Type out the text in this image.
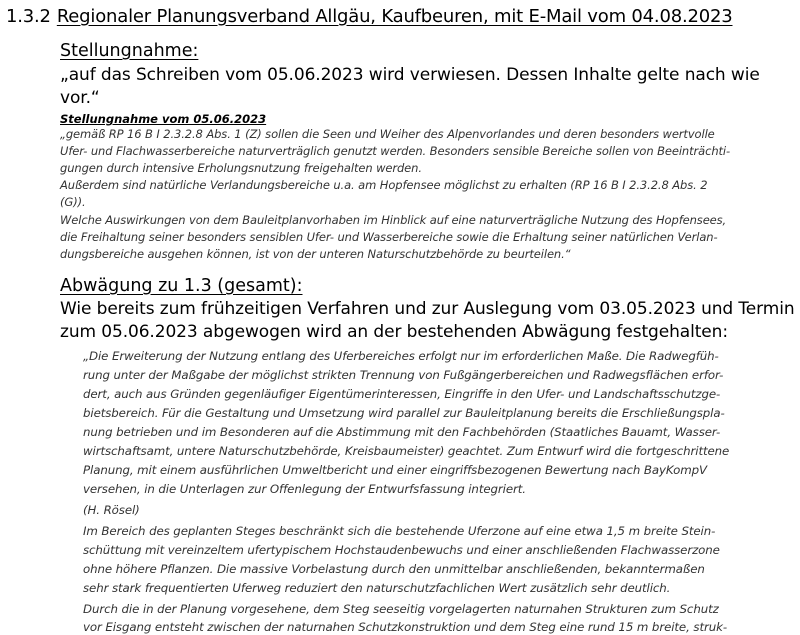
1.3.2 Regionaler Planungsverband Allgäu, Kaufbeuren, mit E-Mail vom 04.08.2023
Stellungnahme:
„auf das Schreiben vom 05.06.2023 wird verwiesen. Dessen Inhalte gelte nach wie
vor.“
Stellungnahme vom 05.06.2023
„gemäß RP 16 B I 2.3.2.8 Abs. 1 (Z) sollen die Seen und Weiher des Alpenvorlandes und deren besonders wertvolle
Ufer- und Flachwasserbereiche naturverträglich genutzt werden. Besonders sensible Bereiche sollen von Beeinträchti-
gungen durch intensive Erholungsnutzung freigehalten werden.
Außerdem sind natürliche Verlandungsbereiche u.a. am Hopfensee möglichst zu erhalten (RP 16 B I 2.3.2.8 Abs. 2
(G)).
Welche Auswirkungen von dem Bauleitplanvorhaben im Hinblick auf eine naturverträgliche Nutzung des Hopfensees,
die Freihaltung seiner besonders sensiblen Ufer- und Wasserbereiche sowie die Erhaltung seiner natürlichen Verlan-
dungsbereiche ausgehen können, ist von der unteren Naturschutzbehörde zu beurteilen.“
Abwägung zu 1.3 (gesamt):
Wie bereits zum frühzeitigen Verfahren und zur Auslegung vom 03.05.2023 und Termin
zum 05.06.2023 abgewogen wird an der bestehenden Abwägung festgehalten:
„Die Erweiterung der Nutzung entlang des Uferbereiches erfolgt nur im erforderlichen Maße. Die Radwegfüh-
rung unter der Maßgabe der möglichst strikten Trennung von Fußgängerbereichen und Radwegsflächen erfor-
dert, auch aus Gründen gegenläufiger Eigentümerinteressen, Eingriffe in den Ufer- und Landschaftsschutzge-
bietsbereich. Für die Gestaltung und Umsetzung wird parallel zur Bauleitplanung bereits die Erschließungspla-
nung betrieben und im Besonderen auf die Abstimmung mit den Fachbehörden (Staatliches Bauamt, Wasser-
wirtschaftsamt, untere Naturschutzbehörde, Kreisbaumeister) geachtet. Zum Entwurf wird die fortgeschrittene
Planung, mit einem ausführlichen Umweltbericht und einer eingriffsbezogenen Bewertung nach BayKompV
versehen, in die Unterlagen zur Offenlegung der Entwurfsfassung integriert.
(H. Rösel)
Im Bereich des geplanten Steges beschränkt sich die bestehende Uferzone auf eine etwa 1,5 m breite Stein-
schüttung mit vereinzeltem ufertypischem Hochstaudenbewuchs und einer anschließenden Flachwasserzone
ohne höhere Pflanzen. Die massive Vorbelastung durch den unmittelbar anschließenden, bekanntermaßen
sehr stark frequentierten Uferweg reduziert den naturschutzfachlichen Wert zusätzlich sehr deutlich.
Durch die in der Planung vorgesehene, dem Steg seeseitig vorgelagerten naturnahen Strukturen zum Schutz
vor Eisgang entsteht zwischen der naturnahen Schutzkonstruktion und dem Steg eine rund 15 m breite, struk-
